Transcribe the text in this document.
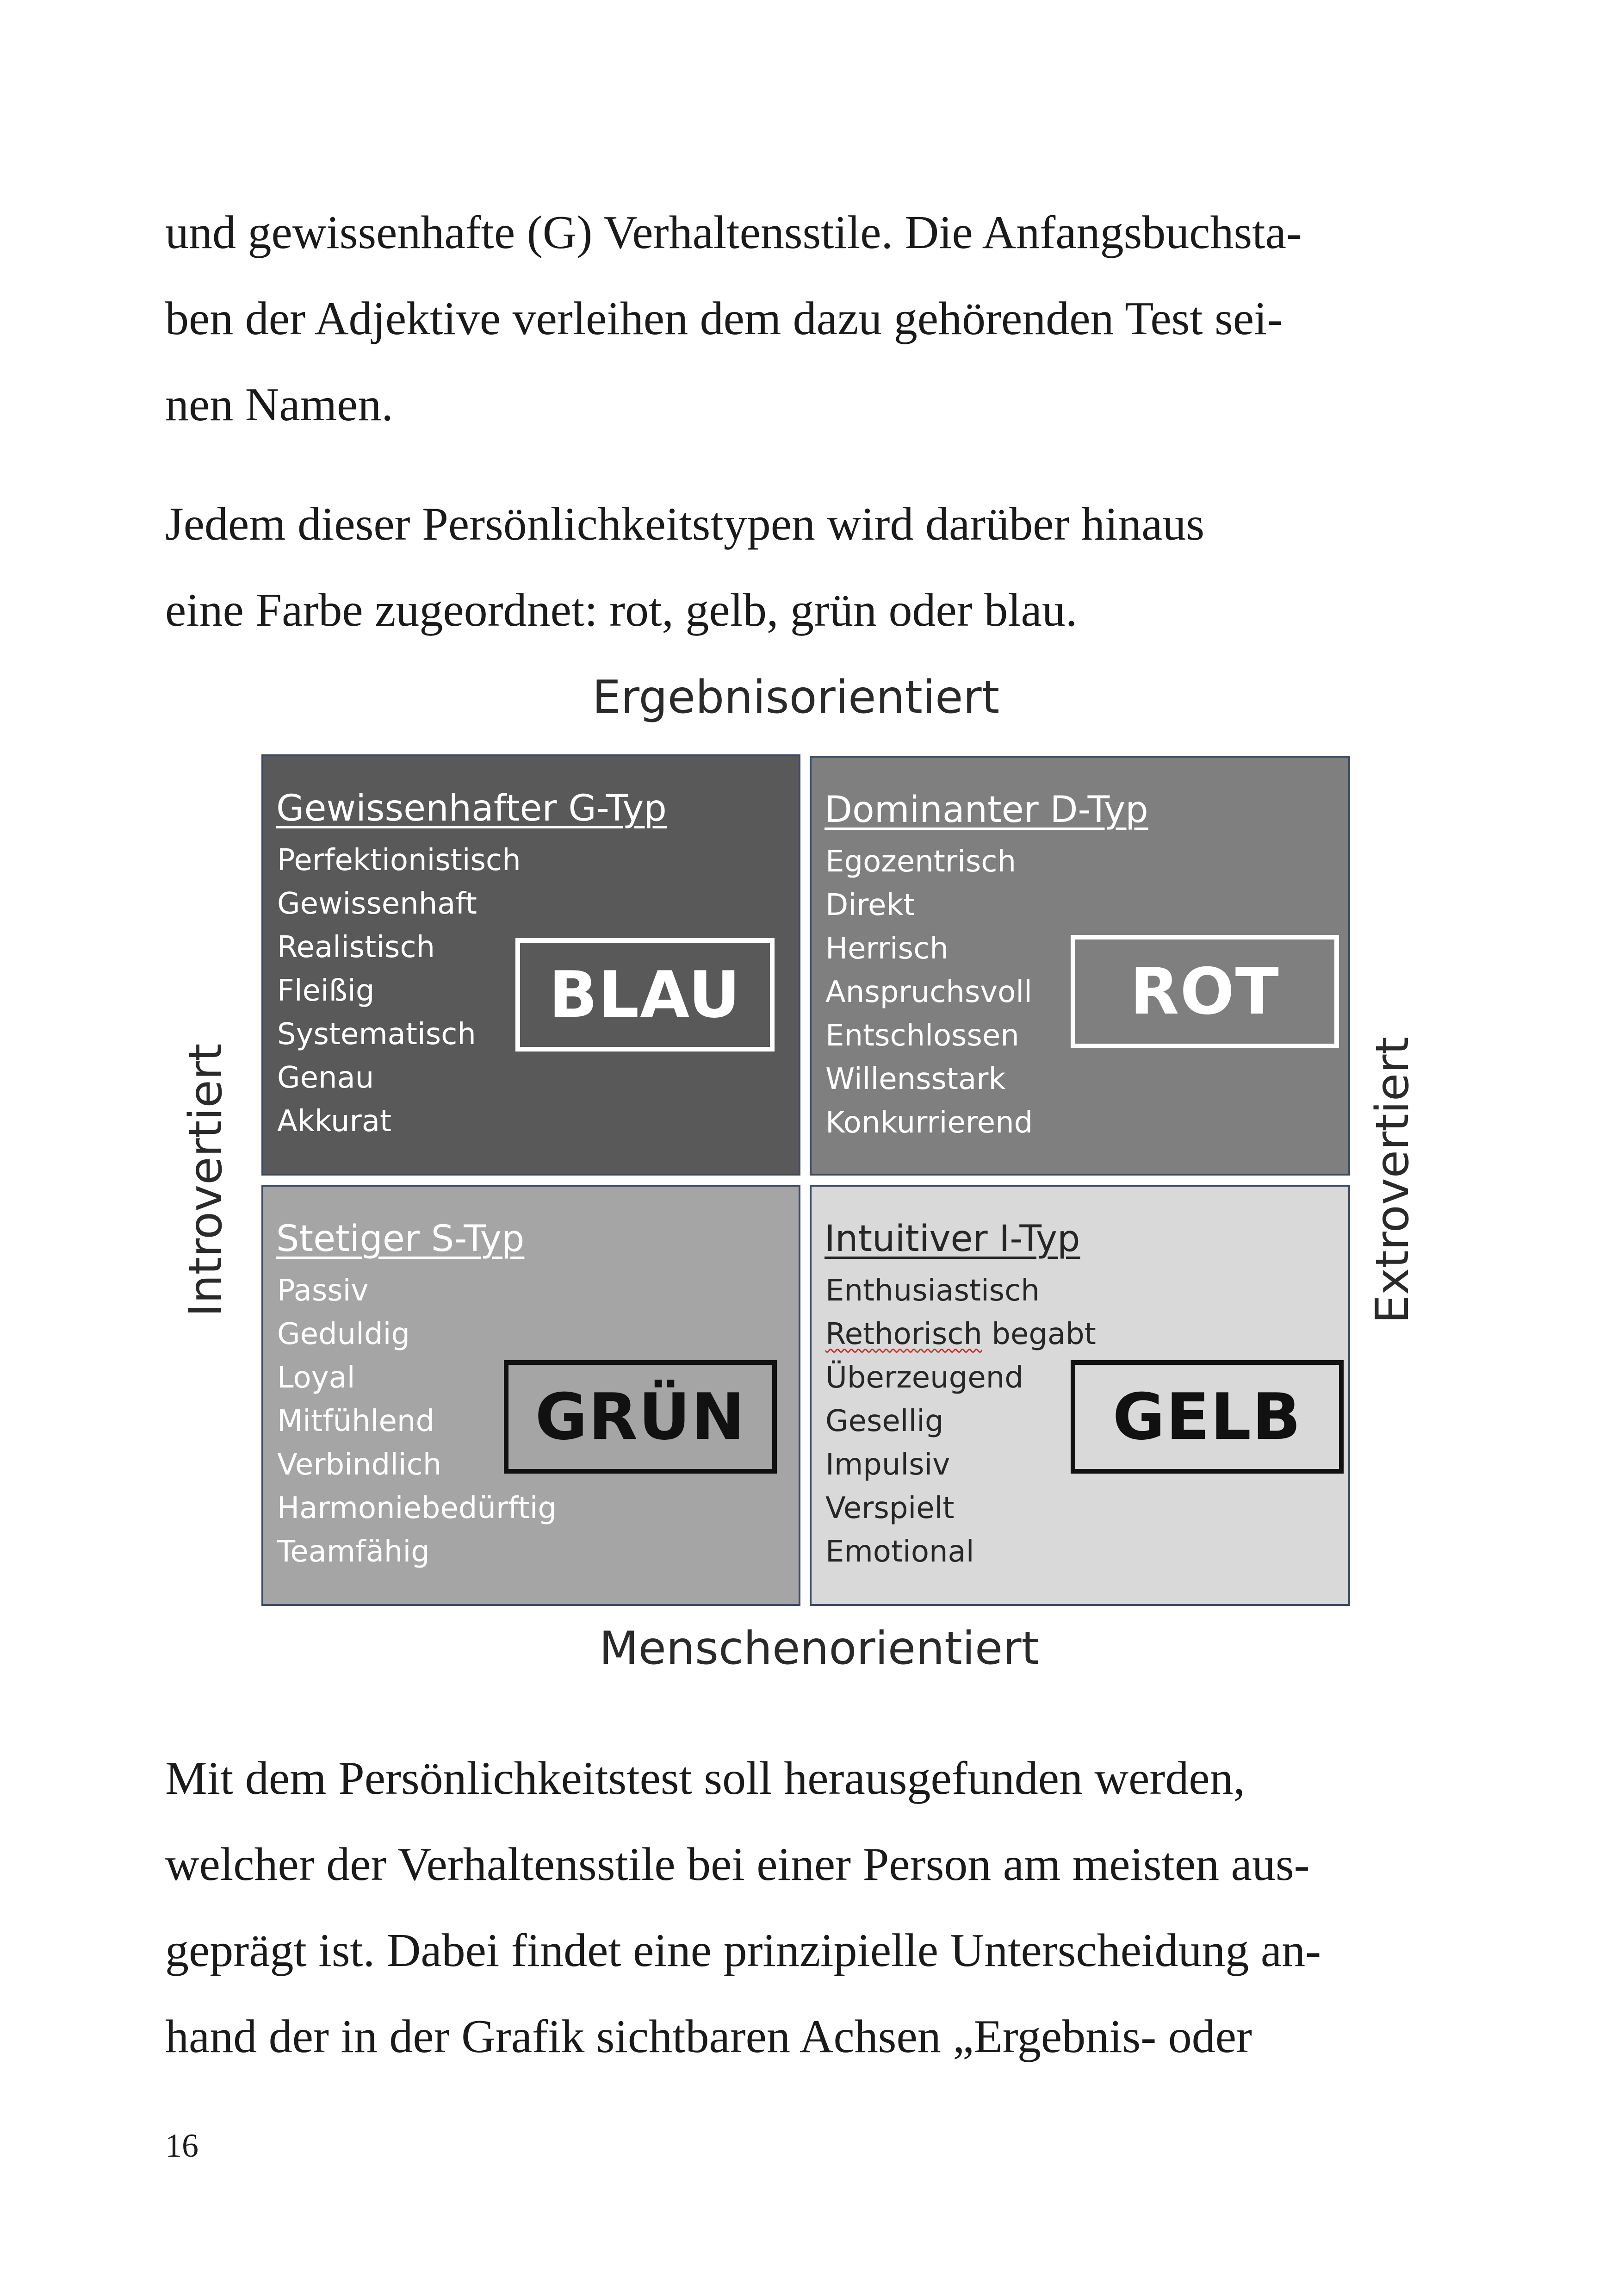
und gewissenhafte (G) Verhaltensstile. Die Anfangsbuchsta-
ben der Adjektive verleihen dem dazu gehörenden Test sei-
nen Namen.
Jedem dieser Persönlichkeitstypen wird darüber hinaus
eine Farbe zugeordnet: rot, gelb, grün oder blau.
Ergebnisorientiert
Menschenorientiert
Introvertiert	Extrovertiert
Gewissenhafter G-Typ
Perfektionistisch
Gewissenhaft
Realistisch
Fleißig
Systematisch
Genau
Akkurat
BLAU
Dominanter D-Typ
Egozentrisch
Direkt
Herrisch
Anspruchsvoll
Entschlossen
Willensstark
Konkurrierend
ROT
Stetiger S-Typ
Passiv
Geduldig
Loyal
Mitfühlend
Verbindlich
Harmoniebedürftig
Teamfähig
GRÜN
Intuitiver I-Typ
Enthusiastisch
Rethorisch begabt
Überzeugend
Gesellig
Impulsiv
Verspielt
Emotional
GELB
Mit dem Persönlichkeitstest soll herausgefunden werden,
welcher der Verhaltensstile bei einer Person am meisten aus-
geprägt ist. Dabei findet eine prinzipielle Unterscheidung an-
hand der in der Grafik sichtbaren Achsen „Ergebnis- oder
16
